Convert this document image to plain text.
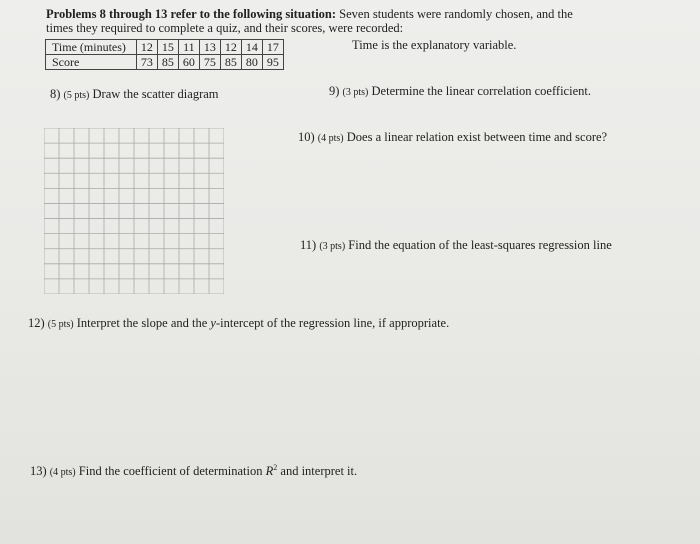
Problems 8 through 13 refer to the following situation: Seven students were randomly chosen, and the
times they required to complete a quiz, and their scores, were recorded:
Time (minutes)	12	15	11	13	12	14	17
Score	73	85	60	75	85	80	95
Time is the explanatory variable.
8) (5 pts) Draw the scatter diagram	9) (3 pts) Determine the linear correlation coefficient.
10) (4 pts) Does a linear relation exist between time and score?
11) (3 pts) Find the equation of the least-squares regression line
12) (5 pts) Interpret the slope and the y-intercept of the regression line, if appropriate.
13) (4 pts) Find the coefficient of determination $R^2$ and interpret it.
